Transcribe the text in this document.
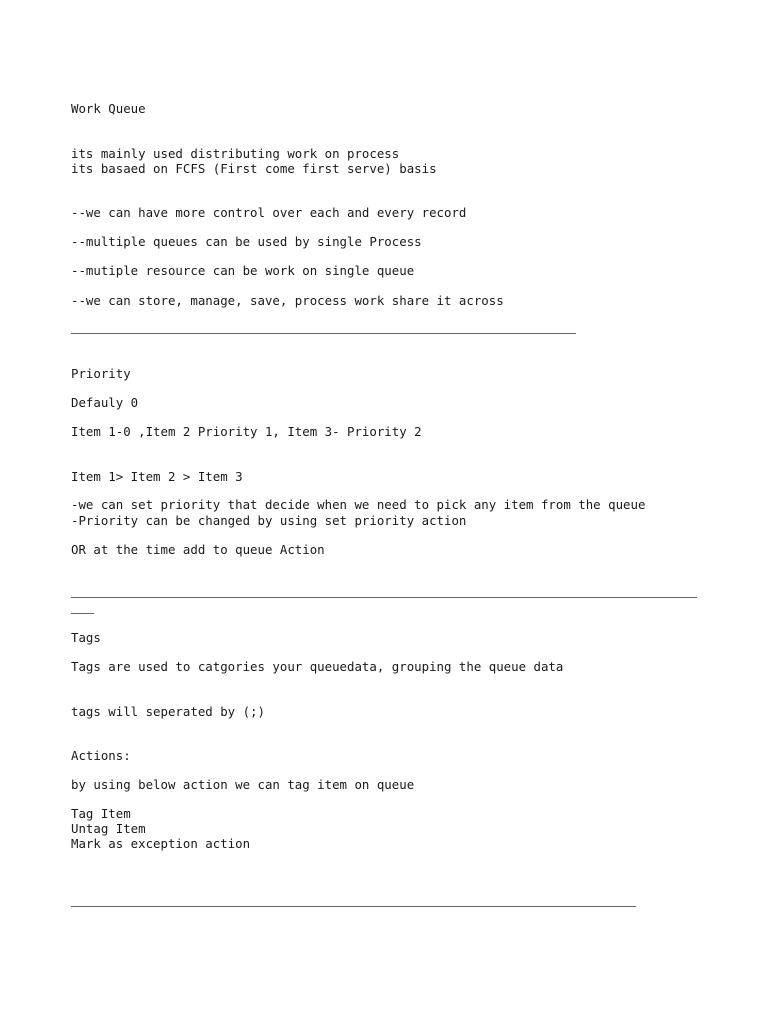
Work Queue

its mainly used distributing work on process

its basaed on FCFS (First come first serve) basis

--we can have more control over each and every record

--multiple queues can be used by single Process

--mutiple resource can be work on single queue

--we can store, manage, save, process work share it across

Priority

Defauly 0

Item 1-0 ,Item 2 Priority 1, Item 3- Priority 2

Item 1> Item 2 > Item 3

-we can set priority that decide when we need to pick any item from the queue

-Priority can be changed by using set priority action

OR at the time add to queue Action

Tags

Tags are used to catgories your queuedata, grouping the queue data

tags will seperated by (;)

Actions:

by using below action we can tag item on queue

Tag Item

Untag Item

Mark as exception action
